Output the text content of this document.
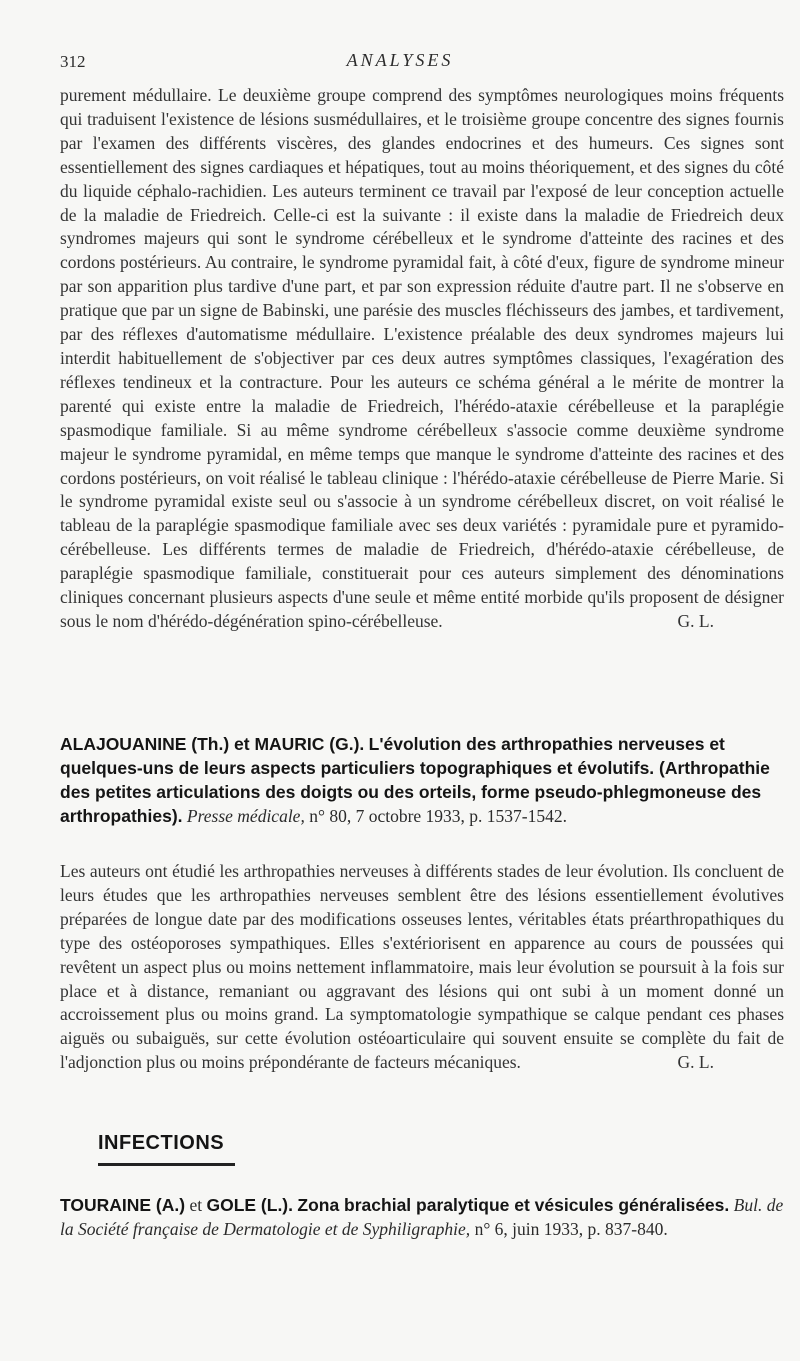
312	ANALYSES

purement médullaire. Le deuxième groupe comprend des symptômes neurologiques moins fréquents qui traduisent l'existence de lésions susmédullaires, et le troisième groupe concentre des signes fournis par l'examen des différents viscères, des glandes endocrines et des humeurs. Ces signes sont essentiellement des signes cardiaques et hépatiques, tout au moins théoriquement, et des signes du côté du liquide céphalo-rachidien. Les auteurs terminent ce travail par l'exposé de leur conception actuelle de la maladie de Friedreich. Celle-ci est la suivante : il existe dans la maladie de Friedreich deux syndromes majeurs qui sont le syndrome cérébelleux et le syndrome d'atteinte des racines et des cordons postérieurs. Au contraire, le syndrome pyramidal fait, à côté d'eux, figure de syndrome mineur par son apparition plus tardive d'une part, et par son expression réduite d'autre part. Il ne s'observe en pratique que par un signe de Babinski, une parésie des muscles fléchisseurs des jambes, et tardivement, par des réflexes d'automatisme médullaire. L'existence préalable des deux syndromes majeurs lui interdit habituellement de s'objectiver par ces deux autres symptômes classiques, l'exagération des réflexes tendineux et la contracture. Pour les auteurs ce schéma général a le mérite de montrer la parenté qui existe entre la maladie de Friedreich, l'hérédo-ataxie cérébelleuse et la paraplégie spasmodique familiale. Si au même syndrome cérébelleux s'associe comme deuxième syndrome majeur le syndrome pyramidal, en même temps que manque le syndrome d'atteinte des racines et des cordons postérieurs, on voit réalisé le tableau clinique : l'hérédo-ataxie cérébelleuse de Pierre Marie. Si le syndrome pyramidal existe seul ou s'associe à un syndrome cérébelleux discret, on voit réalisé le tableau de la paraplégie spasmodique familiale avec ses deux variétés : pyramidale pure et pyramido-cérébelleuse. Les différents termes de maladie de Friedreich, d'hérédo-ataxie cérébelleuse, de paraplégie spasmodique familiale, constituerait pour ces auteurs simplement des dénominations cliniques concernant plusieurs aspects d'une seule et même entité morbide qu'ils proposent de désigner sous le nom d'hérédo-dégénération spino-cérébelleuse.	G. L.

ALAJOUANINE (Th.) et MAURIC (G.). L'évolution des arthropathies nerveuses et quelques-uns de leurs aspects particuliers topographiques et évolutifs. (Arthropathie des petites articulations des doigts ou des orteils, forme pseudo-phlegmoneuse des arthropathies). Presse médicale, n° 80, 7 octobre 1933, p. 1537-1542.

Les auteurs ont étudié les arthropathies nerveuses à différents stades de leur évolution. Ils concluent de leurs études que les arthropathies nerveuses semblent être des lésions essentiellement évolutives préparées de longue date par des modifications osseuses lentes, véritables états préarthropathiques du type des ostéoporoses sympathiques. Elles s'extériorisent en apparence au cours de poussées qui revêtent un aspect plus ou moins nettement inflammatoire, mais leur évolution se poursuit à la fois sur place et à distance, remaniant ou aggravant des lésions qui ont subi à un moment donné un accroissement plus ou moins grand. La symptomatologie sympathique se calque pendant ces phases aiguës ou subaiguës, sur cette évolution ostéoarticulaire qui souvent ensuite se complète du fait de l'adjonction plus ou moins prépondérante de facteurs mécaniques.	G. L.

INFECTIONS
TOURAINE (A.) et GOLE (L.). Zona brachial paralytique et vésicules généralisées. Bul. de la Société française de Dermatologie et de Syphiligraphie, n° 6, juin 1933, p. 837-840.
